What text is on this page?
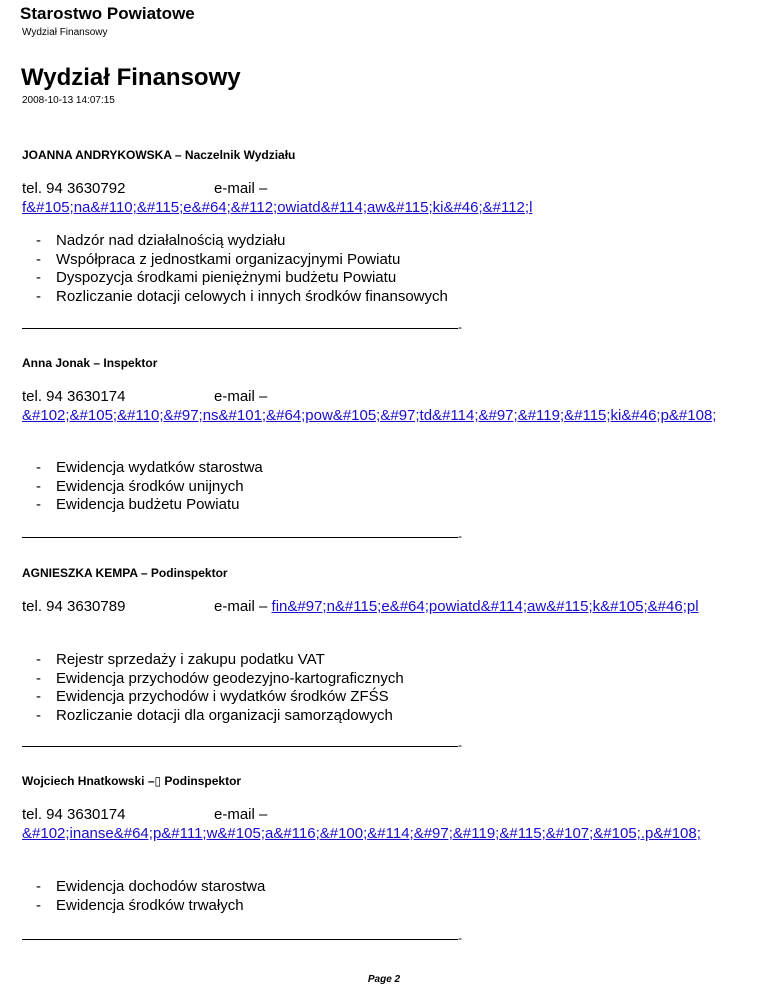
Starostwo Powiatowe
Wydział Finansowy
Wydział Finansowy
2008-10-13 14:07:15
JOANNA ANDRYKOWSKA – Naczelnik Wydziału
tel. 94 3630792	e-mail –
f&#105;na&#110;&#115;e&#64;&#112;owiatd&#114;aw&#115;ki&#46;&#112;l
- Nadzór nad działalnością wydziału
- Współpraca z jednostkami organizacyjnymi Powiatu
- Dyspozycja środkami pieniężnymi budżetu Powiatu
- Rozliczanie dotacji celowych i innych środków finansowych
-
Anna Jonak – Inspektor
tel. 94 3630174	e-mail –
&#102;&#105;&#110;&#97;ns&#101;&#64;pow&#105;&#97;td&#114;&#97;&#119;&#115;ki&#46;p&#108;
- Ewidencja wydatków starostwa
- Ewidencja środków unijnych
- Ewidencja budżetu Powiatu
-
AGNIESZKA KEMPA – Podinspektor
tel. 94 3630789	e-mail – fin&#97;n&#115;e&#64;powiatd&#114;aw&#115;k&#105;&#46;pl
- Rejestr sprzedaży i zakupu podatku VAT
- Ewidencja przychodów geodezyjno-kartograficznych
- Ewidencja przychodów i wydatków środków ZFŚS
- Rozliczanie dotacji dla organizacji samorządowych
-
Wojciech Hnatkowski –▯ Podinspektor
tel. 94 3630174	e-mail –
&#102;inanse&#64;p&#111;w&#105;a&#116;&#100;&#114;&#97;&#119;&#115;&#107;&#105;.p&#108;
- Ewidencja dochodów starostwa
- Ewidencja środków trwałych
-
Page 2
